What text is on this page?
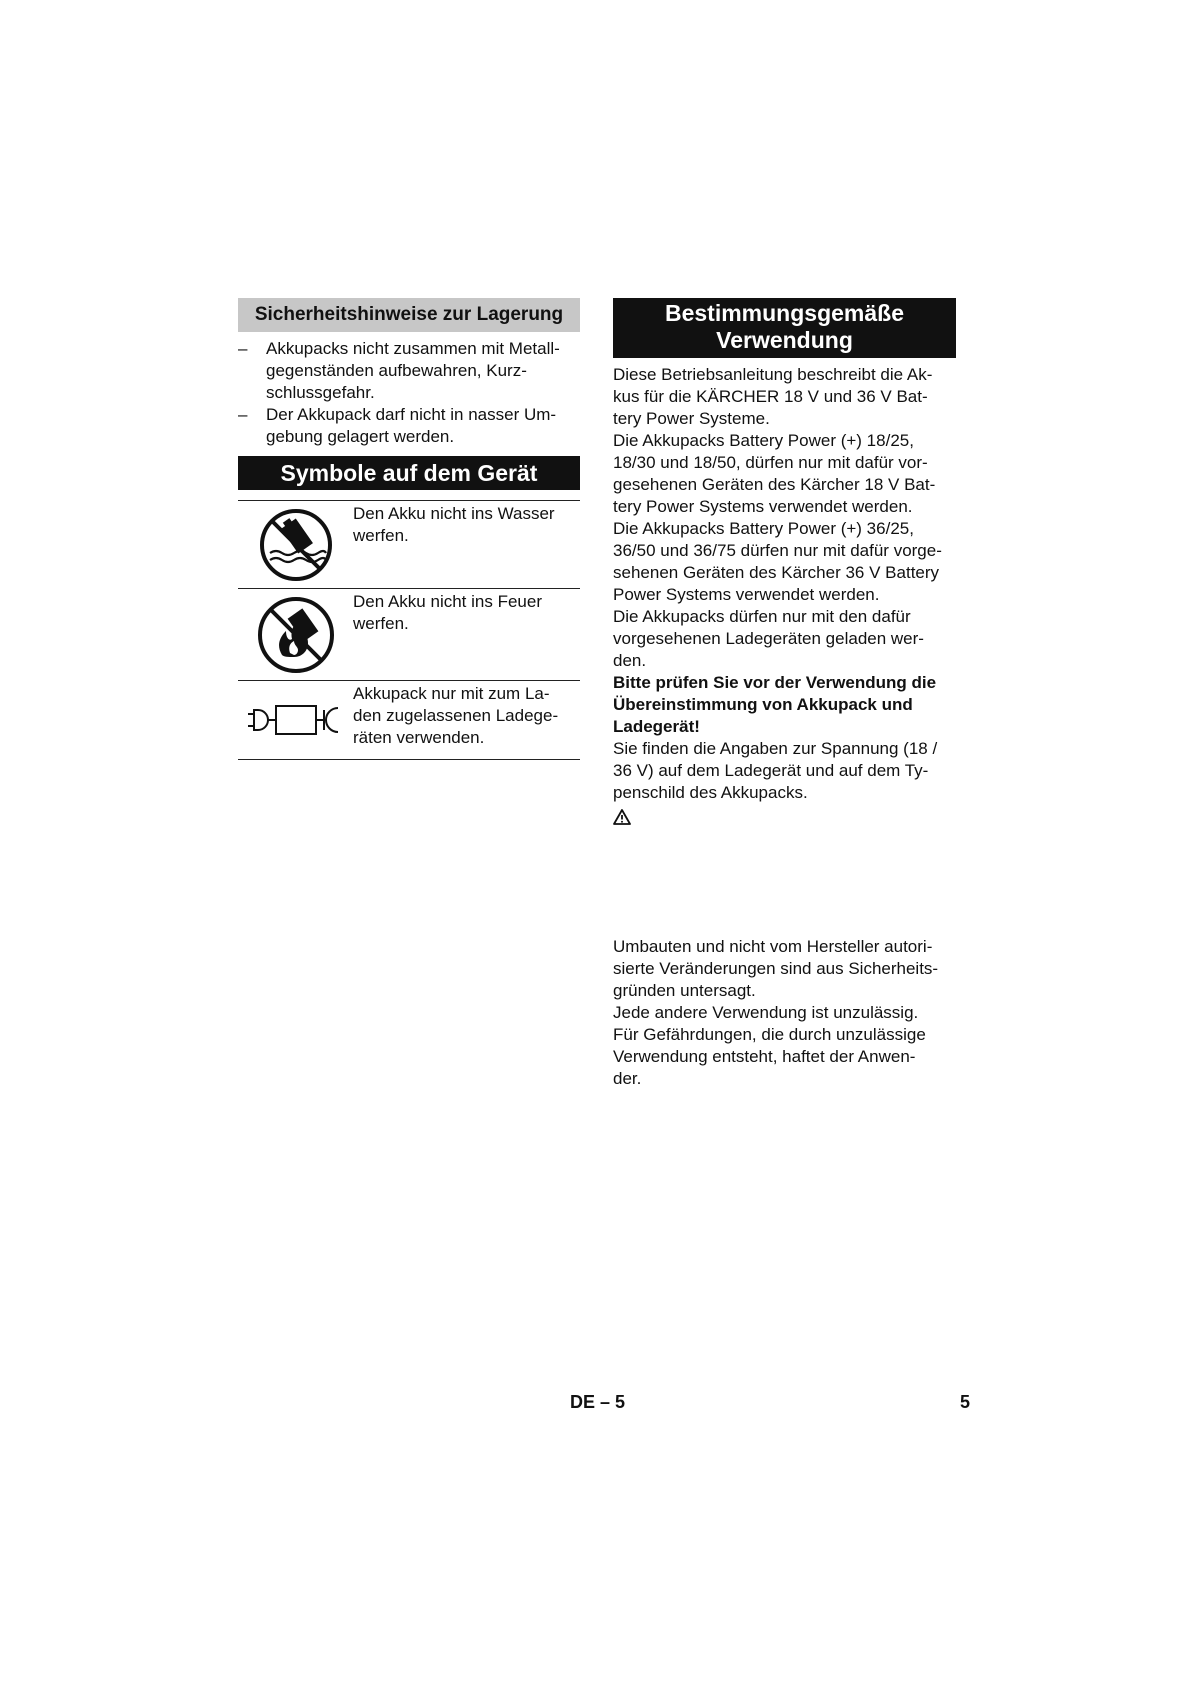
Sicherheitshinweise zur Lagerung
– Akkupacks nicht zusammen mit Metall-
gegenständen aufbewahren, Kurz-
schlussgefahr.
– Der Akkupack darf nicht in nasser Um-
gebung gelagert werden.
Symbole auf dem Gerät
Den Akku nicht ins Wasser
werfen.
Den Akku nicht ins Feuer
werfen.
Akkupack nur mit zum La-
den zugelassenen Ladege-
räten verwenden.
Bestimmungsgemäße
Verwendung

Diese Betriebsanleitung beschreibt die Ak-
kus für die KÄRCHER 18 V und 36 V Bat-
tery Power Systeme.

Die Akkupacks Battery Power (+) 18/25,
18/30 und 18/50, dürfen nur mit dafür vor-
gesehenen Geräten des Kärcher 18 V Bat-
tery Power Systems verwendet werden.

Die Akkupacks Battery Power (+) 36/25,
36/50 und 36/75 dürfen nur mit dafür vorge-
sehenen Geräten des Kärcher 36 V Battery
Power Systems verwendet werden.

Die Akkupacks dürfen nur mit den dafür
vorgesehenen Ladegeräten geladen wer-
den.

Bitte prüfen Sie vor der Verwendung die
Übereinstimmung von Akkupack und
Ladegerät!

Sie finden die Angaben zur Spannung (18 /
36 V) auf dem Ladegerät und auf dem Ty-
penschild des Akkupacks.

Umbauten und nicht vom Hersteller autori-
sierte Veränderungen sind aus Sicherheits-
gründen untersagt.

Jede andere Verwendung ist unzulässig.
Für Gefährdungen, die durch unzulässige
Verwendung entsteht, haftet der Anwen-
der.

DE – 5	5
